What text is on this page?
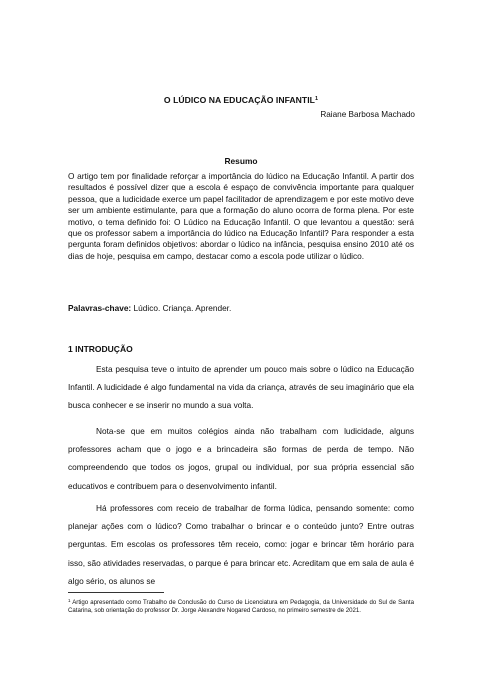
O LÚDICO NA EDUCAÇÃO INFANTIL$^1$
Raiane Barbosa Machado
Resumo

O artigo tem por finalidade reforçar a importância do lúdico na Educação Infantil. A partir dos resultados é possível dizer que a escola é espaço de convivência importante para qualquer pessoa, que a ludicidade exerce um papel facilitador de aprendizagem e por este motivo deve ser um ambiente estimulante, para que a formação do aluno ocorra de forma plena. Por este motivo, o tema definido foi: O Lúdico na Educação Infantil. O que levantou a questão: será que os professor sabem a importância do lúdico na Educação Infantil? Para responder a esta pergunta foram definidos objetivos: abordar o lúdico na infância, pesquisa ensino 2010 até os dias de hoje, pesquisa em campo, destacar como a escola pode utilizar o lúdico.

Palavras-chave: Lúdico. Criança. Aprender.

1 INTRODUÇÃO

Esta pesquisa teve o intuito de aprender um pouco mais sobre o lúdico na Educação Infantil. A ludicidade é algo fundamental na vida da criança, através de seu imaginário que ela busca conhecer e se inserir no mundo a sua volta.

Nota-se que em muitos colégios ainda não trabalham com ludicidade, alguns professores acham que o jogo e a brincadeira são formas de perda de tempo. Não compreendendo que todos os jogos, grupal ou individual, por sua própria essencial são educativos e contribuem para o desenvolvimento infantil.

Há professores com receio de trabalhar de forma lúdica, pensando somente: como planejar ações com o lúdico? Como trabalhar o brincar e o conteúdo junto? Entre outras perguntas. Em escolas os professores têm receio, como: jogar e brincar têm horário para isso, são atividades reservadas, o parque é para brincar etc. Acreditam que em sala de aula é algo sério, os alunos se

$^1$ Artigo apresentado como Trabalho de Conclusão do Curso de Licenciatura em Pedagogia, da Universidade do Sul de Santa Catarina, sob orientação do professor Dr. Jorge Alexandre Nogared Cardoso, no primeiro semestre de 2021.
